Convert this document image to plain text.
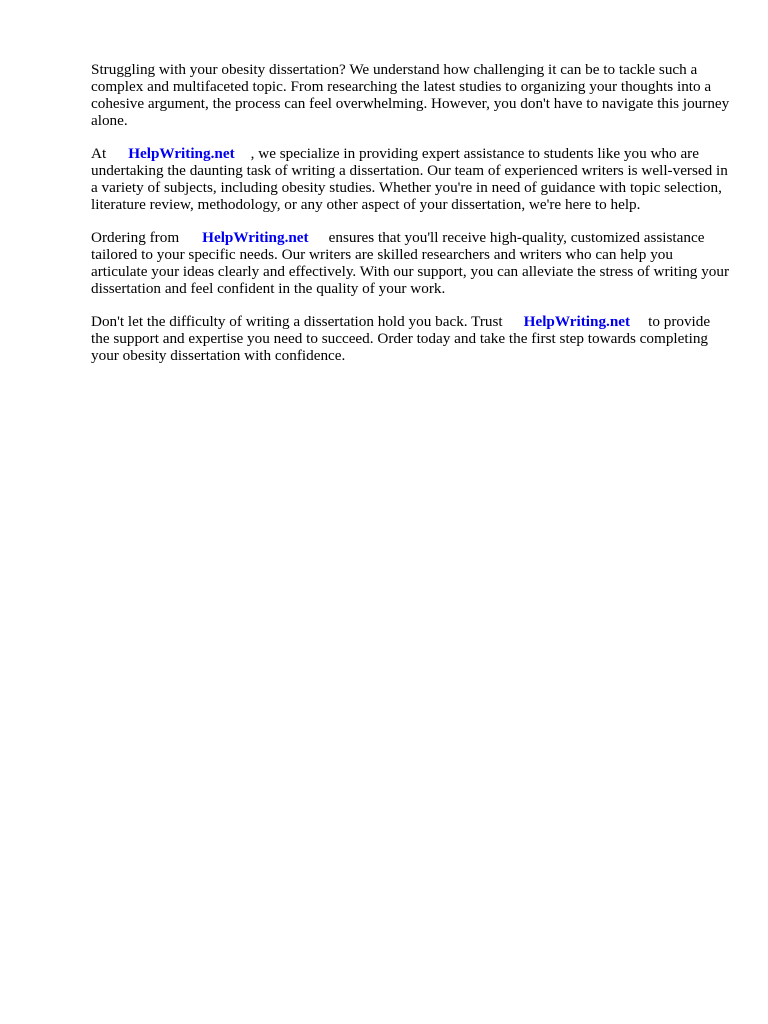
Struggling with your obesity dissertation? We understand how challenging it can be to tackle such a complex and multifaceted topic. From researching the latest studies to organizing your thoughts into a cohesive argument, the process can feel overwhelming. However, you don't have to navigate this journey alone.

At HelpWriting.net , we specialize in providing expert assistance to students like you who are undertaking the daunting task of writing a dissertation. Our team of experienced writers is well-versed in a variety of subjects, including obesity studies. Whether you're in need of guidance with topic selection, literature review, methodology, or any other aspect of your dissertation, we're here to help.

Ordering from HelpWriting.net ensures that you'll receive high-quality, customized assistance tailored to your specific needs. Our writers are skilled researchers and writers who can help you articulate your ideas clearly and effectively. With our support, you can alleviate the stress of writing your dissertation and feel confident in the quality of your work.

Don't let the difficulty of writing a dissertation hold you back. Trust HelpWriting.net to provide the support and expertise you need to succeed. Order today and take the first step towards completing your obesity dissertation with confidence.
